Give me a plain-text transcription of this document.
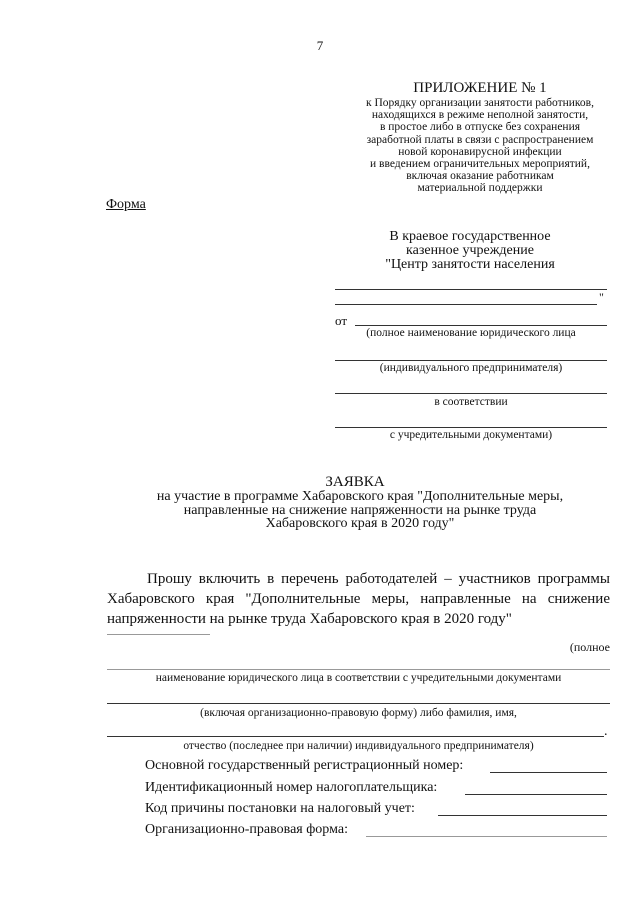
7
ПРИЛОЖЕНИЕ № 1
к Порядку организации занятости работников,
находящихся в режиме неполной занятости,
в простое либо в отпуске без сохранения
заработной платы в связи с распространением
новой коронавирусной инфекции
и введением ограничительных мероприятий,
включая оказание работникам
материальной поддержки
Форма
В краевое государственное
казенное учреждение
"Центр занятости населения
"
от
(полное наименование юридического лица
(индивидуального предпринимателя)
в соответствии
с учредительными документами)
ЗАЯВКА
на участие в программе Хабаровского края "Дополнительные меры,
направленные на снижение напряженности на рынке труда
Хабаровского края в 2020 году"
Прошу включить в перечень работодателей – участников программы Хабаровского края "Дополнительные меры, направленные на снижение напряженности на рынке труда Хабаровского края в 2020 году"
(полное
наименование юридического лица в соответствии с учредительными документами
(включая организационно-правовую форму) либо фамилия, имя,
.
отчество (последнее при наличии) индивидуального предпринимателя)
Основной государственный регистрационный номер:
Идентификационный номер налогоплательщика:
Код причины постановки на налоговый учет:
Организационно-правовая форма:
